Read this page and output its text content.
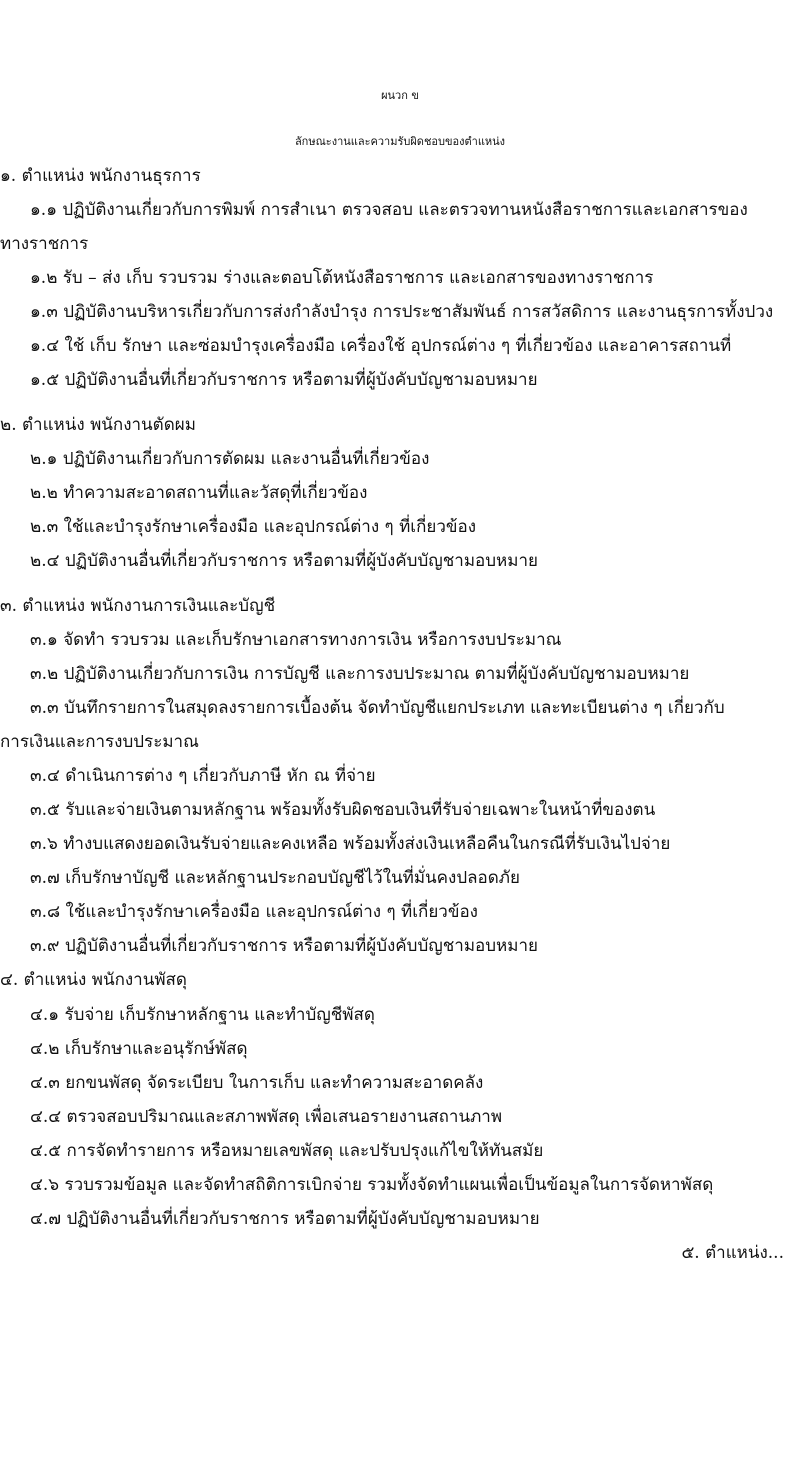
ผนวก ข
ลักษณะงานและความรับผิดชอบของตำแหน่ง
๑. ตำแหน่ง พนักงานธุรการ
๑.๑ ปฏิบัติงานเกี่ยวกับการพิมพ์ การสำเนา ตรวจสอบ และตรวจทานหนังสือราชการและเอกสารของ
ทางราชการ
๑.๒ รับ – ส่ง เก็บ รวบรวม ร่างและตอบโต้หนังสือราชการ และเอกสารของทางราชการ
๑.๓ ปฏิบัติงานบริหารเกี่ยวกับการส่งกำลังบำรุง การประชาสัมพันธ์ การสวัสดิการ และงานธุรการทั้งปวง
๑.๔ ใช้ เก็บ รักษา และซ่อมบำรุงเครื่องมือ เครื่องใช้ อุปกรณ์ต่าง ๆ ที่เกี่ยวข้อง และอาคารสถานที่
๑.๕ ปฏิบัติงานอื่นที่เกี่ยวกับราชการ หรือตามที่ผู้บังคับบัญชามอบหมาย
๒. ตำแหน่ง พนักงานตัดผม
๒.๑ ปฏิบัติงานเกี่ยวกับการตัดผม และงานอื่นที่เกี่ยวข้อง
๒.๒ ทำความสะอาดสถานที่และวัสดุที่เกี่ยวข้อง
๒.๓ ใช้และบำรุงรักษาเครื่องมือ และอุปกรณ์ต่าง ๆ ที่เกี่ยวข้อง
๒.๔ ปฏิบัติงานอื่นที่เกี่ยวกับราชการ หรือตามที่ผู้บังคับบัญชามอบหมาย
๓. ตำแหน่ง พนักงานการเงินและบัญชี
๓.๑ จัดทำ รวบรวม และเก็บรักษาเอกสารทางการเงิน หรือการงบประมาณ
๓.๒ ปฏิบัติงานเกี่ยวกับการเงิน การบัญชี และการงบประมาณ ตามที่ผู้บังคับบัญชามอบหมาย
๓.๓ บันทึกรายการในสมุดลงรายการเบื้องต้น จัดทำบัญชีแยกประเภท และทะเบียนต่าง ๆ เกี่ยวกับ
การเงินและการงบประมาณ
๓.๔ ดำเนินการต่าง ๆ เกี่ยวกับภาษี หัก ณ ที่จ่าย
๓.๕ รับและจ่ายเงินตามหลักฐาน พร้อมทั้งรับผิดชอบเงินที่รับจ่ายเฉพาะในหน้าที่ของตน
๓.๖ ทำงบแสดงยอดเงินรับจ่ายและคงเหลือ พร้อมทั้งส่งเงินเหลือคืนในกรณีที่รับเงินไปจ่าย
๓.๗ เก็บรักษาบัญชี และหลักฐานประกอบบัญชีไว้ในที่มั่นคงปลอดภัย
๓.๘ ใช้และบำรุงรักษาเครื่องมือ และอุปกรณ์ต่าง ๆ ที่เกี่ยวข้อง
๓.๙ ปฏิบัติงานอื่นที่เกี่ยวกับราชการ หรือตามที่ผู้บังคับบัญชามอบหมาย
๔. ตำแหน่ง พนักงานพัสดุ
๔.๑ รับจ่าย เก็บรักษาหลักฐาน และทำบัญชีพัสดุ
๔.๒ เก็บรักษาและอนุรักษ์พัสดุ
๔.๓ ยกขนพัสดุ จัดระเบียบ ในการเก็บ และทำความสะอาดคลัง
๔.๔ ตรวจสอบปริมาณและสภาพพัสดุ เพื่อเสนอรายงานสถานภาพ
๔.๕ การจัดทำรายการ หรือหมายเลขพัสดุ และปรับปรุงแก้ไขให้ทันสมัย
๔.๖ รวบรวมข้อมูล และจัดทำสถิติการเบิกจ่าย รวมทั้งจัดทำแผนเพื่อเป็นข้อมูลในการจัดหาพัสดุ
๔.๗ ปฏิบัติงานอื่นที่เกี่ยวกับราชการ หรือตามที่ผู้บังคับบัญชามอบหมาย
๕. ตำแหน่ง...
